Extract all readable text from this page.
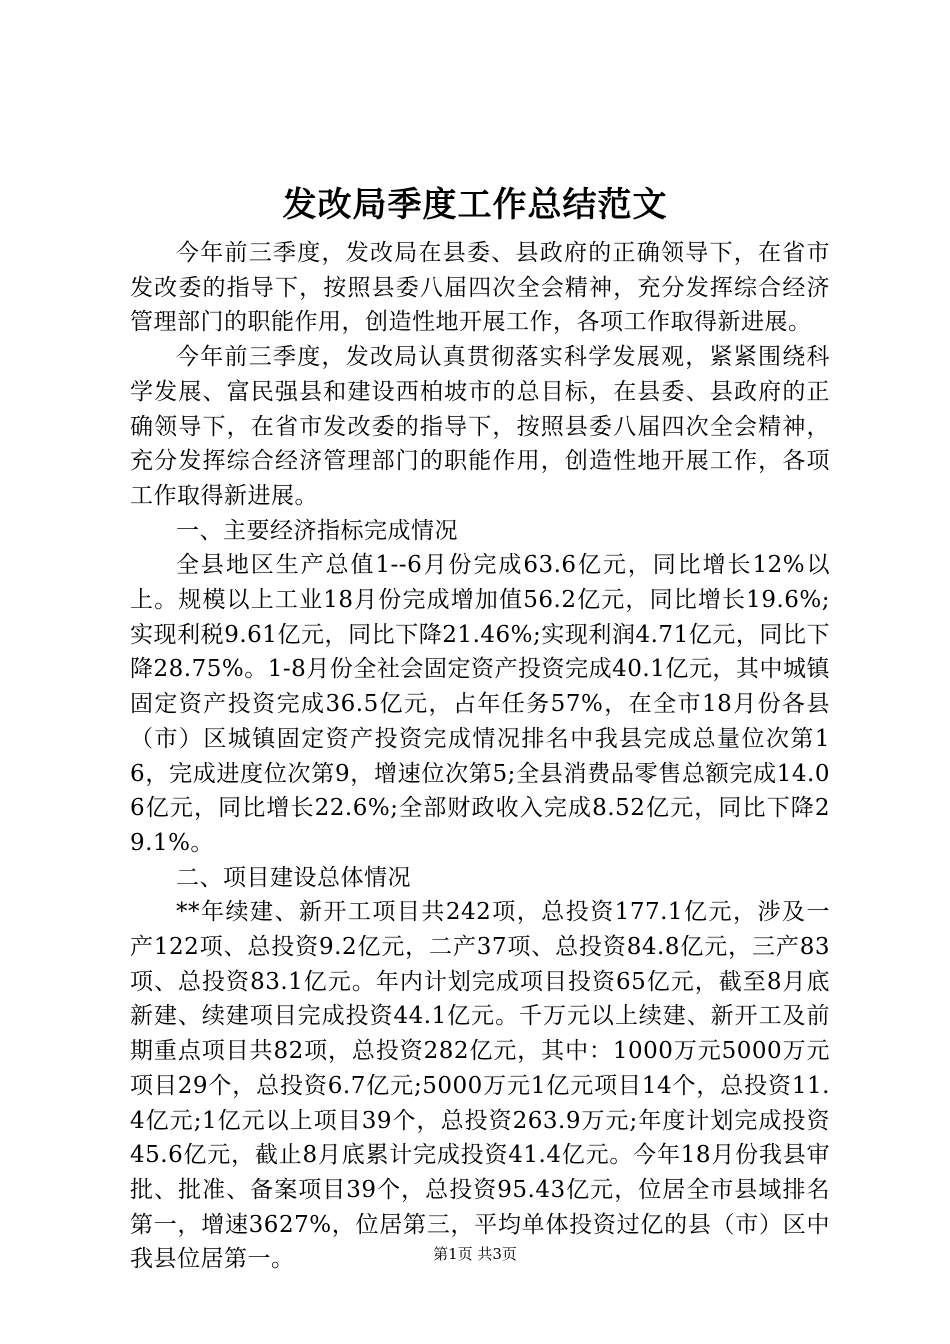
发改局季度工作总结范文

今年前三季度，发改局在县委、县政府的正确领导下，在省市发改委的指导下，按照县委八届四次全会精神，充分发挥综合经济管理部门的职能作用，创造性地开展工作，各项工作取得新进展。

今年前三季度，发改局认真贯彻落实科学发展观，紧紧围绕科学发展、富民强县和建设西柏坡市的总目标，在县委、县政府的正确领导下，在省市发改委的指导下，按照县委八届四次全会精神，充分发挥综合经济管理部门的职能作用，创造性地开展工作，各项工作取得新进展。

一、主要经济指标完成情况

全县地区生产总值1--6月份完成63.6亿元，同比增长12%以上。规模以上工业18月份完成增加值56.2亿元，同比增长19.6%;实现利税9.61亿元，同比下降21.46%;实现利润4.71亿元，同比下降28.75%。1-8月份全社会固定资产投资完成40.1亿元，其中城镇固定资产投资完成36.5亿元，占年任务57%，在全市18月份各县（市）区城镇固定资产投资完成情况排名中我县完成总量位次第16，完成进度位次第9，增速位次第5;全县消费品零售总额完成14.06亿元，同比增长22.6%;全部财政收入完成8.52亿元，同比下降29.1%。

二、项目建设总体情况

**年续建、新开工项目共242项，总投资177.1亿元，涉及一产122项、总投资9.2亿元，二产37项、总投资84.8亿元，三产83项、总投资83.1亿元。年内计划完成项目投资65亿元，截至8月底新建、续建项目完成投资44.1亿元。千万元以上续建、新开工及前期重点项目共82项，总投资282亿元，其中：1000万元5000万元项目29个，总投资6.7亿元;5000万元1亿元项目14个，总投资11.4亿元;1亿元以上项目39个，总投资263.9万元;年度计划完成投资45.6亿元，截止8月底累计完成投资41.4亿元。今年18月份我县审批、批准、备案项目39个，总投资95.43亿元，位居全市县域排名第一，增速3627%，位居第三，平均单体投资过亿的县（市）区中我县位居第一。	第1页 共3页
